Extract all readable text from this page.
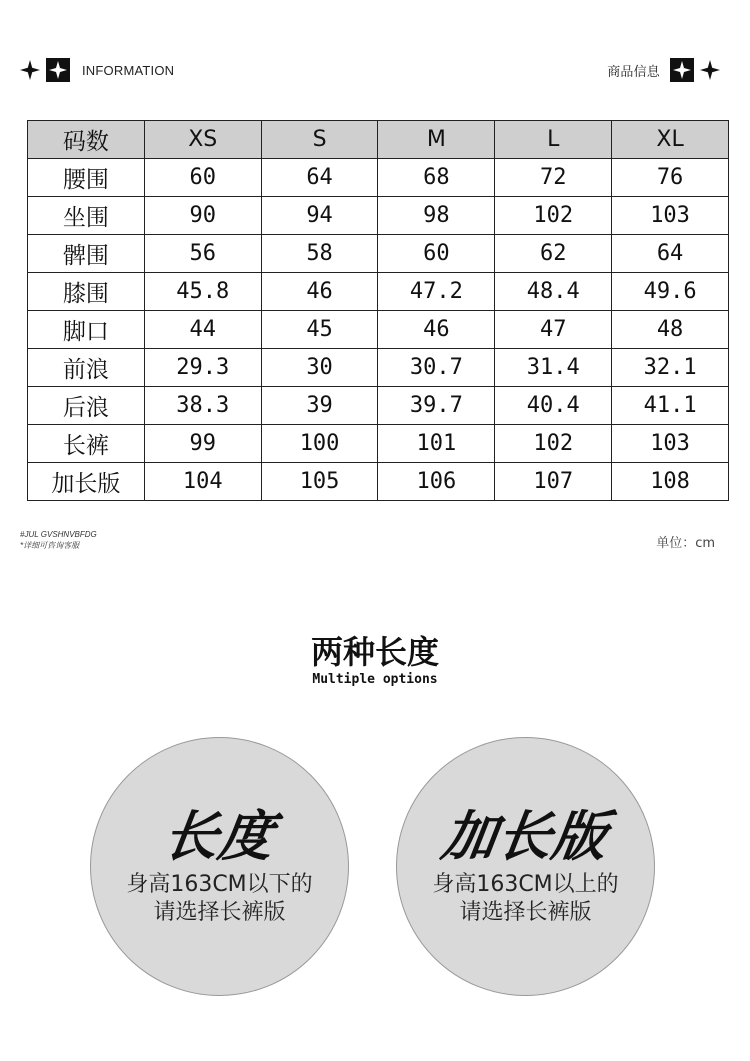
INFORMATION	商品信息
码数	XS	S	M	L	XL
腰围	60	64	68	72	76
坐围	90	94	98	102	103
髀围	56	58	60	62	64
膝围	45.8	46	47.2	48.4	49.6
脚口	44	45	46	47	48
前浪	29.3	30	30.7	31.4	32.1
后浪	38.3	39	39.7	40.4	41.1
长裤	99	100	101	102	103
加长版	104	105	106	107	108
#JUL GVSHNVBFDG
*详细可咨询客服	单位：cm
两种长度
Multiple options
长度
身高163CM以下的
请选择长裤版
加长版
身高163CM以上的
请选择长裤版
